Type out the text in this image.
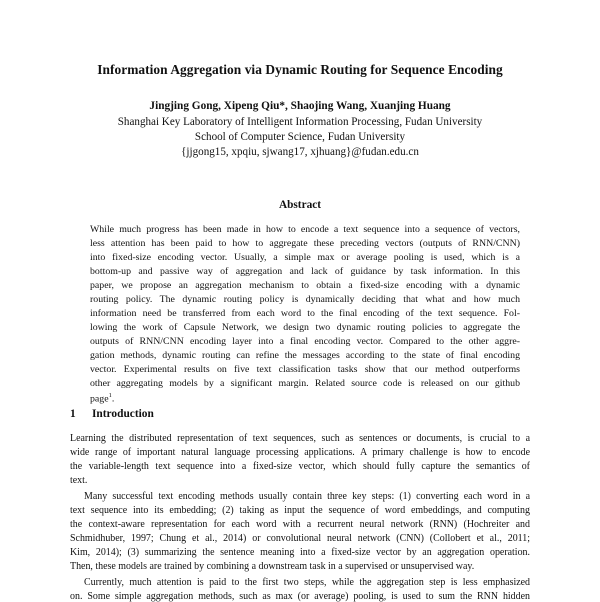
Information Aggregation via Dynamic Routing for Sequence Encoding
Jingjing Gong, Xipeng Qiu*, Shaojing Wang, Xuanjing Huang
Shanghai Key Laboratory of Intelligent Information Processing, Fudan University
School of Computer Science, Fudan University
{jjgong15, xpqiu, sjwang17, xjhuang}@fudan.edu.cn
Abstract
While much progress has been made in how to encode a text sequence into a sequence of vectors,
less attention has been paid to how to aggregate these preceding vectors (outputs of RNN/CNN)
into fixed-size encoding vector. Usually, a simple max or average pooling is used, which is a
bottom-up and passive way of aggregation and lack of guidance by task information. In this
paper, we propose an aggregation mechanism to obtain a fixed-size encoding with a dynamic
routing policy. The dynamic routing policy is dynamically deciding that what and how much
information need be transferred from each word to the final encoding of the text sequence. Fol-
lowing the work of Capsule Network, we design two dynamic routing policies to aggregate the
outputs of RNN/CNN encoding layer into a final encoding vector. Compared to the other aggre-
gation methods, dynamic routing can refine the messages according to the state of final encoding
vector. Experimental results on five text classification tasks show that our method outperforms
other aggregating models by a significant margin. Related source code is released on our github
page$^1$.
1 Introduction
Learning the distributed representation of text sequences, such as sentences or documents, is crucial to a
wide range of important natural language processing applications. A primary challenge is how to encode
the variable-length text sequence into a fixed-size vector, which should fully capture the semantics of
text.
Many successful text encoding methods usually contain three key steps: (1) converting each word in a
text sequence into its embedding; (2) taking as input the sequence of word embeddings, and computing
the context-aware representation for each word with a recurrent neural network (RNN) (Hochreiter and
Schmidhuber, 1997; Chung et al., 2014) or convolutional neural network (CNN) (Collobert et al., 2011;
Kim, 2014); (3) summarizing the sentence meaning into a fixed-size vector by an aggregation operation.
Then, these models are trained by combining a downstream task in a supervised or unsupervised way.
Currently, much attention is paid to the first two steps, while the aggregation step is less emphasized
on. Some simple aggregation methods, such as max (or average) pooling, is used to sum the RNN hidden
